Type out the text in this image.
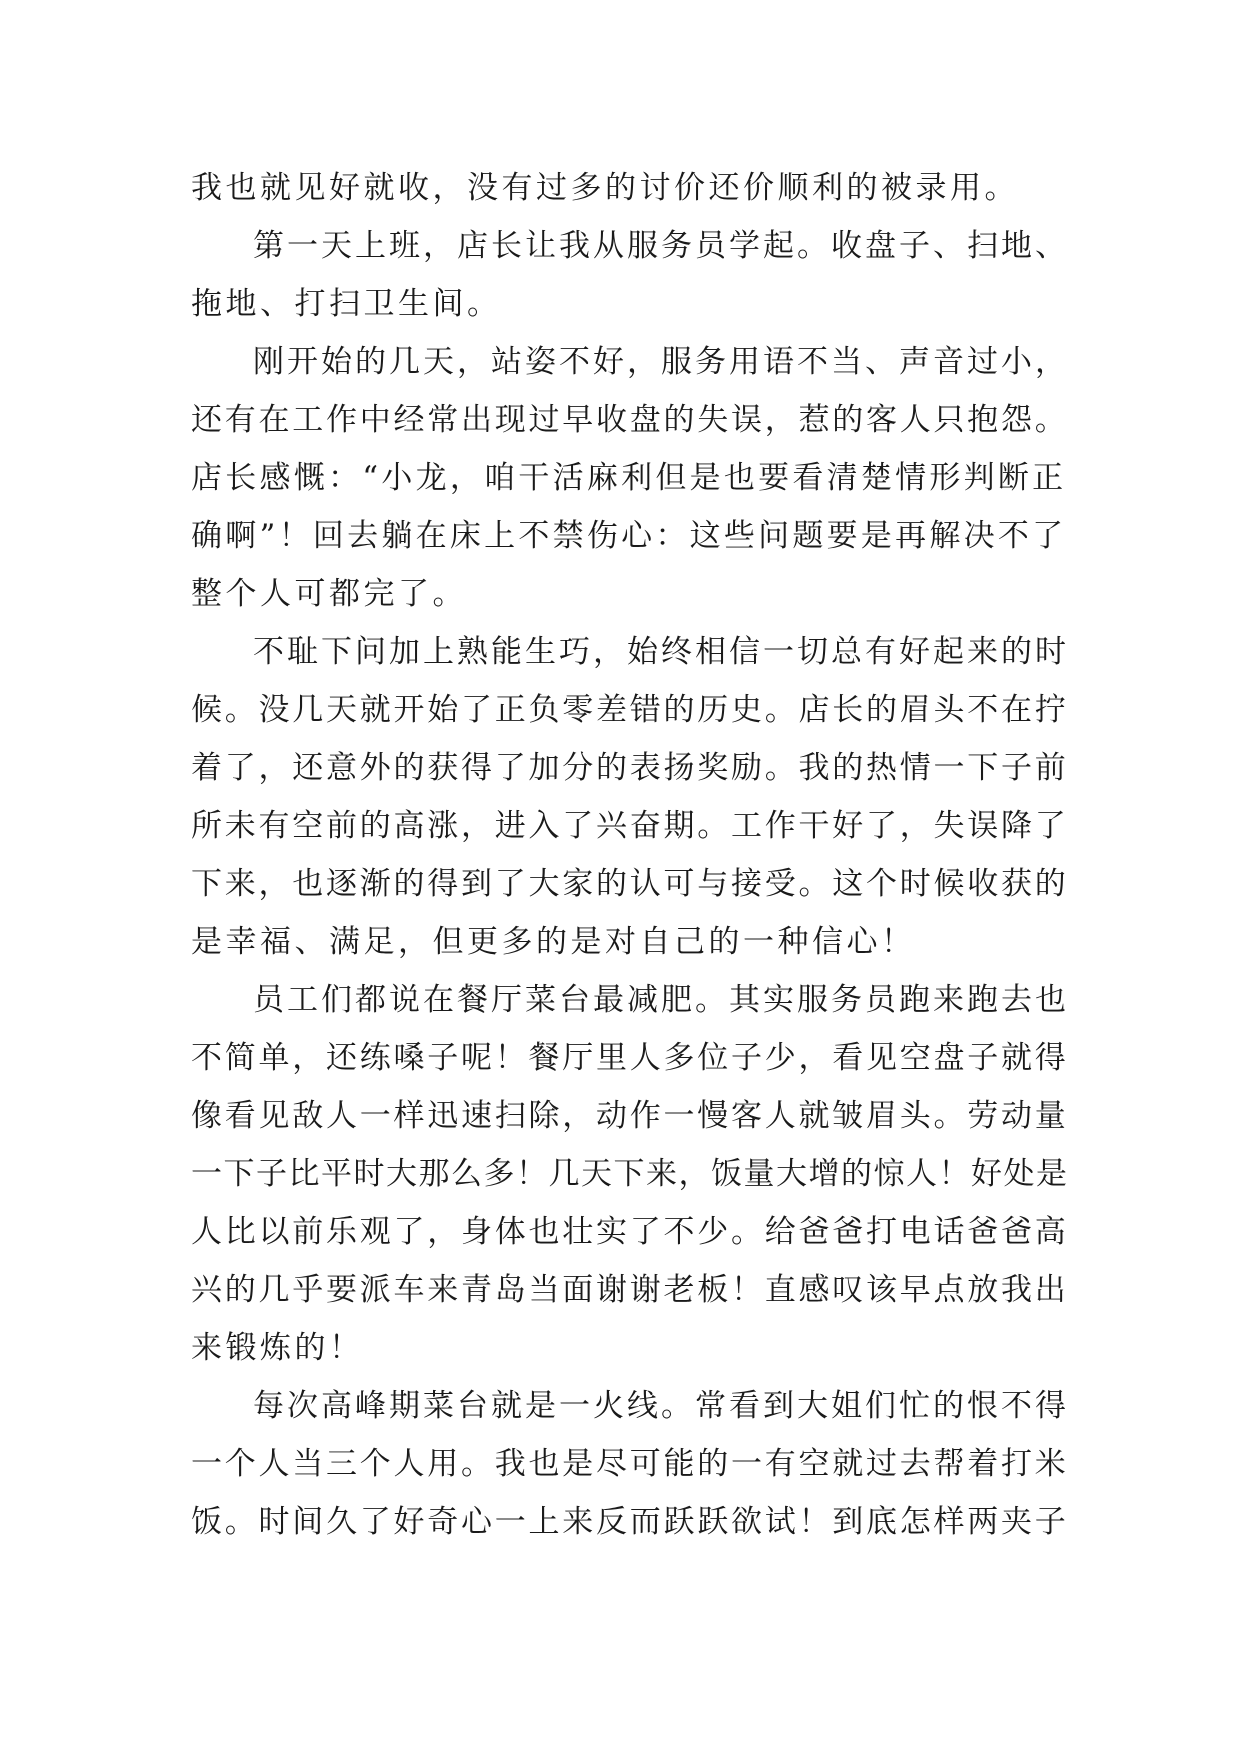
我也就见好就收，没有过多的讨价还价顺利的被录用。
第一天上班，店长让我从服务员学起。收盘子、扫地、
拖地、打扫卫生间。
刚开始的几天，站姿不好，服务用语不当、声音过小，
还有在工作中经常出现过早收盘的失误，惹的客人只抱怨。
店长感慨：“小龙，咱干活麻利但是也要看清楚情形判断正
确啊”！回去躺在床上不禁伤心：这些问题要是再解决不了
整个人可都完了。
不耻下问加上熟能生巧，始终相信一切总有好起来的时
候。没几天就开始了正负零差错的历史。店长的眉头不在拧
着了，还意外的获得了加分的表扬奖励。我的热情一下子前
所未有空前的高涨，进入了兴奋期。工作干好了，失误降了
下来，也逐渐的得到了大家的认可与接受。这个时候收获的
是幸福、满足，但更多的是对自己的一种信心！
员工们都说在餐厅菜台最减肥。其实服务员跑来跑去也
不简单，还练嗓子呢！餐厅里人多位子少，看见空盘子就得
像看见敌人一样迅速扫除，动作一慢客人就皱眉头。劳动量
一下子比平时大那么多！几天下来，饭量大增的惊人！好处是
人比以前乐观了，身体也壮实了不少。给爸爸打电话爸爸高
兴的几乎要派车来青岛当面谢谢老板！直感叹该早点放我出
来锻炼的！
每次高峰期菜台就是一火线。常看到大姐们忙的恨不得
一个人当三个人用。我也是尽可能的一有空就过去帮着打米
饭。时间久了好奇心一上来反而跃跃欲试！到底怎样两夹子
